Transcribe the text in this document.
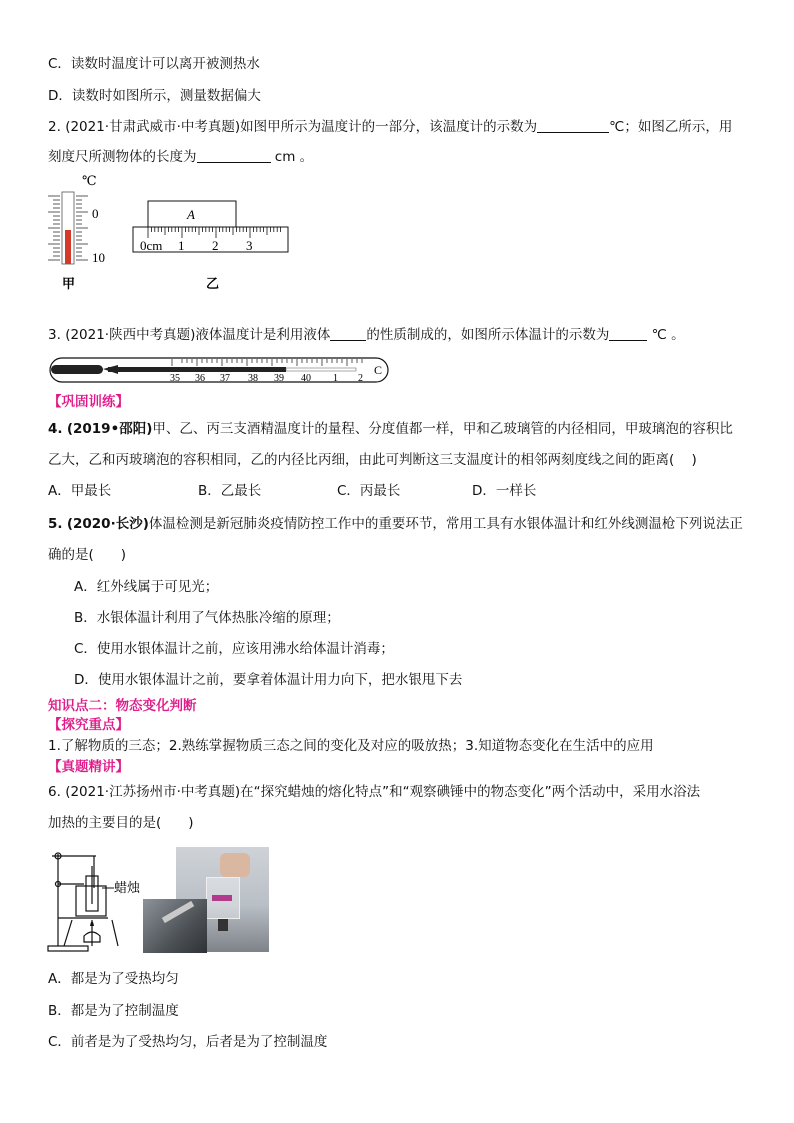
C．读数时温度计可以离开被测热水
D．读数时如图所示，测量数据偏大
2. (2021·甘肃武威市·中考真题)如图甲所示为温度计的一部分，该温度计的示数为	℃；如图乙所示，用
刻度尺所测物体的长度为	cm 。
℃
0
10
甲
A
0cm 1 2 3
乙
3. (2021·陕西中考真题)液体温度计是利用液体	的性质制成的，如图所示体温计的示数为	℃ 。
35 36 37 38 39 40 1 2
C
【巩固训练】
4. (2019•邵阳)甲、乙、丙三支酒精温度计的量程、分度值都一样，甲和乙玻璃管的内径相同，甲玻璃泡的容积比
乙大，乙和丙玻璃泡的容积相同，乙的内径比丙细，由此可判断这三支温度计的相邻两刻度线之间的距离( )
A．甲最长	B．乙最长	C．丙最长	D．一样长
5. (2020·长沙)体温检测是新冠肺炎疫情防控工作中的重要环节，常用工具有水银体温计和红外线测温枪下列说法正
确的是(　　)
A．红外线属于可见光；
B．水银体温计利用了气体热胀冷缩的原理；
C．使用水银体温计之前，应该用沸水给体温计消毒；
D．使用水银体温计之前，要拿着体温计用力向下，把水银甩下去
知识点二：物态变化判断
【探究重点】
1.了解物质的三态；2.熟练掌握物质三态之间的变化及对应的吸放热；3.知道物态变化在生活中的应用
【真题精讲】
6. (2021·江苏扬州市·中考真题)在“探究蜡烛的熔化特点”和“观察碘锤中的物态变化”两个活动中，采用水浴法
加热的主要目的是(　　)
蜡烛
A．都是为了受热均匀
B．都是为了控制温度
C．前者是为了受热均匀，后者是为了控制温度
